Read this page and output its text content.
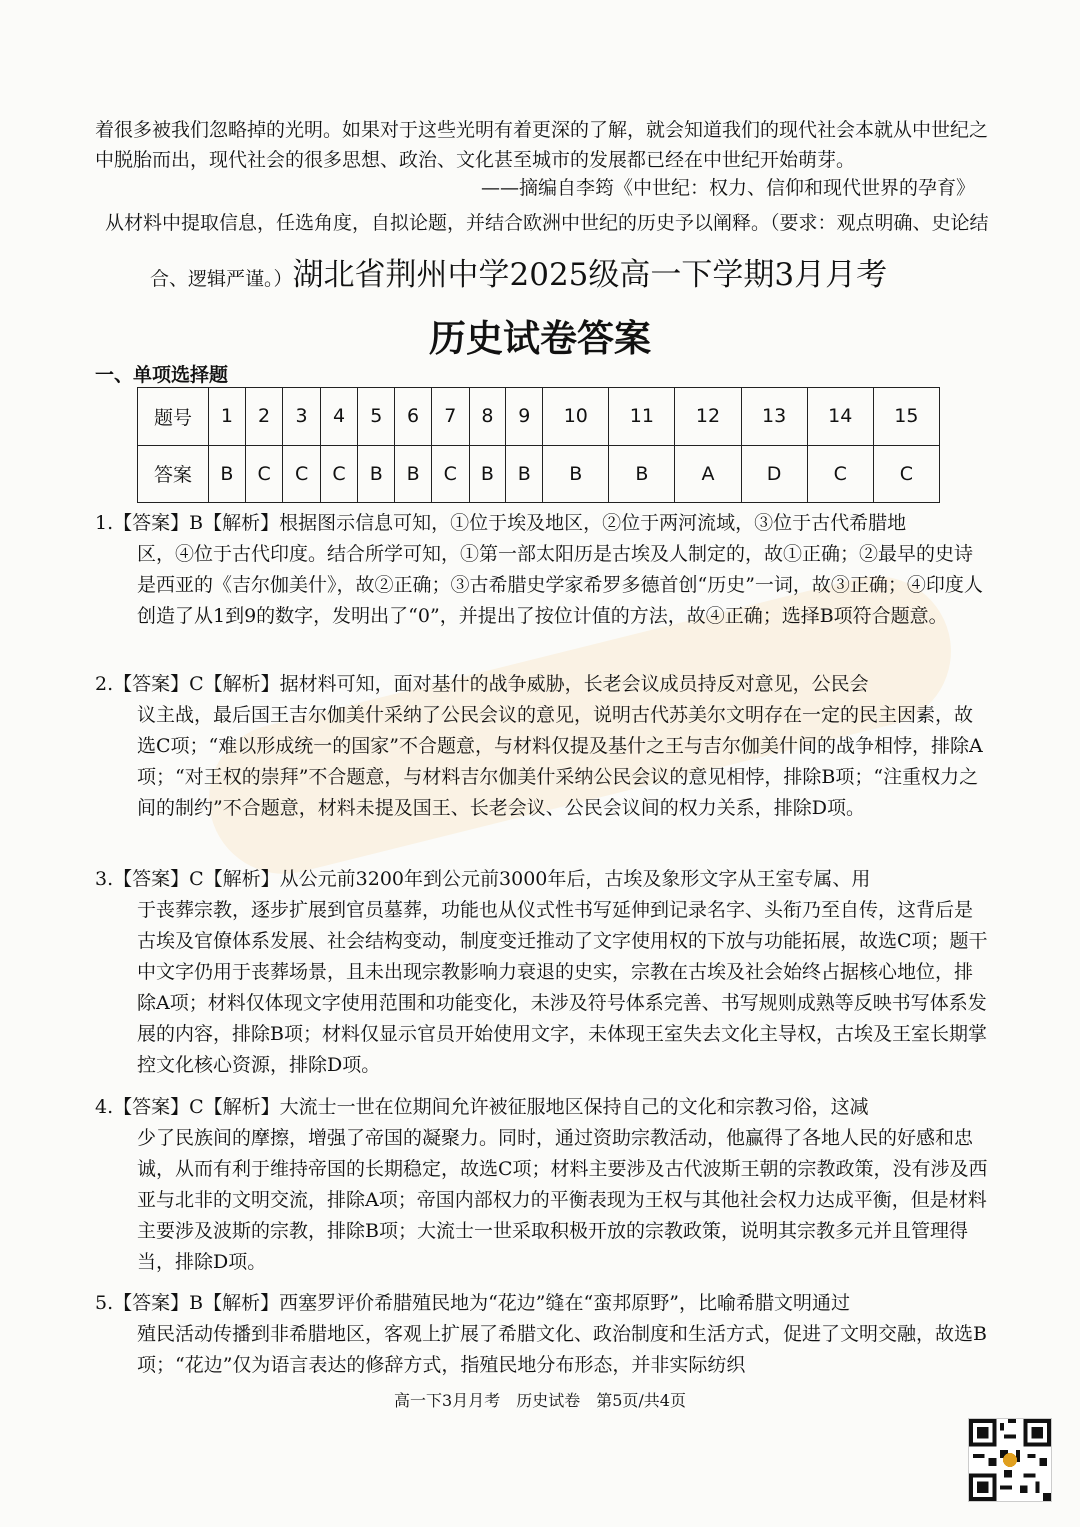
着很多被我们忽略掉的光明。如果对于这些光明有着更深的了解，就会知道我们的现代社会本就从中世纪之
中脱胎而出，现代社会的很多思想、政治、文化甚至城市的发展都已经在中世纪开始萌芽。
——摘编自李筠《中世纪：权力、信仰和现代世界的孕育》
从材料中提取信息，任选角度，自拟论题，并结合欧洲中世纪的历史予以阐释。（要求：观点明确、史论结
合、逻辑严谨。）湖北省荆州中学2025级高一下学期3月月考
历史试卷答案
一、单项选择题
题号	1	2	3	4	5	6	7	8	9	10	11	12	13	14	15
答案	B	C	C	C	B	B	C	B	B	B	B	A	D	C	C
1.【答案】B【解析】根据图示信息可知，①位于埃及地区，②位于两河流域，③位于古代希腊地
区，④位于古代印度。结合所学可知，①第一部太阳历是古埃及人制定的，故①正确；②最早的史诗是西亚的《吉尔伽美什》，故②正确；③古希腊史学家希罗多德首创“历史”一词，故③正确；④印度人创造了从1到9的数字，发明出了“0”，并提出了按位计值的方法，故④正确；选择B项符合题意。
2.【答案】C【解析】据材料可知，面对基什的战争威胁，长老会议成员持反对意见，公民会
议主战，最后国王吉尔伽美什采纳了公民会议的意见，说明古代苏美尔文明存在一定的民主因素，故选C项；“难以形成统一的国家”不合题意，与材料仅提及基什之王与吉尔伽美什间的战争相悖，排除A项；“对王权的崇拜”不合题意，与材料吉尔伽美什采纳公民会议的意见相悖，排除B项；“注重权力之间的制约”不合题意，材料未提及国王、长老会议、公民会议间的权力关系，排除D项。
3.【答案】C【解析】从公元前3200年到公元前3000年后，古埃及象形文字从王室专属、用
于丧葬宗教，逐步扩展到官员墓葬，功能也从仪式性书写延伸到记录名字、头衔乃至自传，这背后是古埃及官僚体系发展、社会结构变动，制度变迁推动了文字使用权的下放与功能拓展，故选C项；题干中文字仍用于丧葬场景，且未出现宗教影响力衰退的史实，宗教在古埃及社会始终占据核心地位，排除A项；材料仅体现文字使用范围和功能变化，未涉及符号体系完善、书写规则成熟等反映书写体系发展的内容，排除B项；材料仅显示官员开始使用文字，未体现王室失去文化主导权，古埃及王室长期掌控文化核心资源，排除D项。
4.【答案】C【解析】大流士一世在位期间允许被征服地区保持自己的文化和宗教习俗，这减
少了民族间的摩擦，增强了帝国的凝聚力。同时，通过资助宗教活动，他赢得了各地人民的好感和忠诚，从而有利于维持帝国的长期稳定，故选C项；材料主要涉及古代波斯王朝的宗教政策，没有涉及西亚与北非的文明交流，排除A项；帝国内部权力的平衡表现为王权与其他社会权力达成平衡，但是材料主要涉及波斯的宗教，排除B项；大流士一世采取积极开放的宗教政策，说明其宗教多元并且管理得当，排除D项。
5.【答案】B【解析】西塞罗评价希腊殖民地为“花边”缝在“蛮邦原野”，比喻希腊文明通过
殖民活动传播到非希腊地区，客观上扩展了希腊文化、政治制度和生活方式，促进了文明交融，故选B项；“花边”仅为语言表达的修辞方式，指殖民地分布形态，并非实际纺织
高一下3月月考　历史试卷　第5页/共4页
